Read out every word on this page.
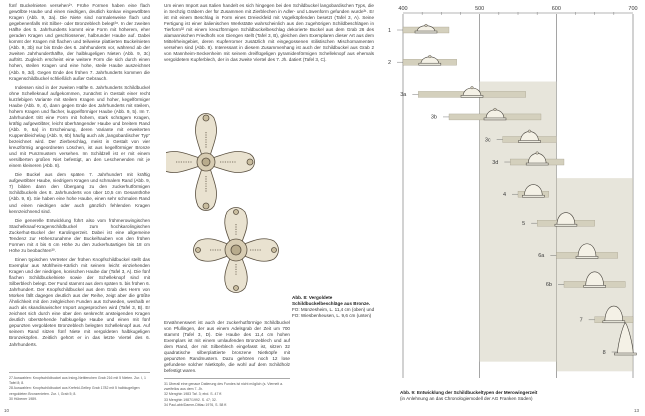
fünf Buckelnieten versehen²⁷. Frühe Formen haben eine flach gewölbte Haube und einen niedrigen, deutlich konkav eingewölbten Kragen (Abb. 9, 3a). Die Niete sind normalerweise flach und gegebenenfalls mit Silber- oder Bronzeblech belegt²⁸. In der zweiten Hälfte des 5. Jahrhunderts kommt eine Form mit höherem, eher geraden Kragen und geschlossener, halbrunder Haube auf. Dabei kommt der Kragen mit flachen und teilweise plattierten Buckelnieten (Abb. 9, 3b) nur bis Ende des 6. Jahrhunderts vor, während ab der zweiten Jahrhunderthälfte, der halbkugeligen Nieten (Abb. 9, 3c) auftritt. Zugleich erscheint eine weitere Form die sich durch einen hohen, steilen Kragen und eine hohe, steile Haube auszeichnet (Abb. 9, 3d). Gegen Ende des frühen 7. Jahrhunderts kommen die Kragenschildbuckel schließlich außer Gebrauch.

Indessen sind in der zweiten Hälfte 6. Jahrhunderts Schildbuckel ohne Schelleknauf aufgekommen, zunächst in Gestalt einer recht kurzlebigen Variante mit steilem Kragen und hoher, kegelförmiger Haube (Abb. 9, 4), dann gegen Ende des Jahrhunderts mit steilem, hohem Kragen und flacher, kuppelförmiger Haube (Abb. 9, 5). Im 7. Jahrhundert tritt eine Form mit hohem, stark schrägem Kragen, kräftig aufgewölbter, leicht überhängender Haube und breitem Rand (Abb. 9, 6a) in Erscheinung, deren Variante mit erweiterten Kuppenbleichelag (Abb. 9, 6b) häufig auch als „langobardischer Typ“ bezeichnet wird. Der Zierbeschlag, meist in Gestalt von vier kreuzförmig angeordneten Löschen, ist aus kegelförmiger Bronze und mit Punzmustern versehen. Im Schildzell ist er mit einem versilberten großen Niet befestigt, an den Leschenenden mit je einem kleineren (Abb. 8).

Die Buckel aus dem späten 7. Jahrhundert mit kräftig aufgewölbter Haube, niedrigem Kragen und schmalem Rand (Abb. 9, 7) bilden dann den Übergang zu den zuckerhutförmigen Schildbuckeln des 8. Jahrhunderts von über 10,5 cm Gesamthöhe (Abb. 9, 8). Sie haben eine hohe Haube, einen sehr schmalen Rand und einen niedrigen oder auch gänzlich fehlenden Kragen kennzeichnend sind.

Die generelle Entwicklung führt also vom frühmerowingischen Stachelknauf-Kragenschildbuckel zum hochkarolingischen Zuckerhut-Buckel der Karolingerzeit. Dabei ist eine allgemeine Tendenz zur Höhenzunahme der Buckelhauben von den frühen Formen mit 4 bis 6 cm Höhe zu den zuckerhutartigen bis 18 cm Höhe zu beobachten³⁰.

Einen typischen Vertreter der frühen Knopfschildbuckel stellt das Exemplar aus Mühlheim-Kärlich mit seinem leicht einziehenden Kragen und der niedrigen, konischen Haube dar (Tafel 3, A). Die fünf flachen Schildbuckelniete sowie der Schelleknopf sind mit Silberblech belegt. Der Fund stammt aus dem späten 5. bis frühen 6. Jahrhundert. Der Knopfschildbuckel aus dem Grab des Herrn von Morken fällt dagegen deutlich aus der Reihe, zeigt aber die größte Ähnlichkeit mit den zeitgleichen Funden aus Schweden, weshalb er auch als skandinavischer Import angesprochen wird (Tafel 3, B). Er zeichnet sich durch eine über den senkrecht ansteigenden Kragen deutlich überstehende halbkugelige Haube und einen mit fünf gepunzten vergoldeten Bronzeblech belegten Schelleknopf aus. Auf seinem Rand sitzen fünf Niete mit vergoldeten halbkugeligen Bronzeköpfen. Zeitlich gehört er in das letzte Viertel des 6. Jahrhunderts.

27 Auswahlen: Knopfschildbuckel aus Irsing-Nettlenchen Grab 216 mit 5 Nieten. Zur. I, 1 Tafel 8; 8.
28 Auswahlen: Knopfschildbuckel aus Krefeld-Gellep Grab 1782 mit 5 halbkugeligen vergoldeten Bronzenieten. Zur. I, Grab 5; 8.
30 Hübener 1989.
10

Um einen Import aus Italien handelt es sich hingegen bei den Schildbuckel langobardischen Typs, die in Sechzig Gräbern der für Zusammen mit Zierblechen in Adler- und Löwenform gefunden wurde³¹. Er ist mit einem Beschlag in Form eines Dreieckfeld mit Vogelköpfenden besetzt (Tafel 3, A). Seine Fertigung ist einer italienischen Werkstätte wahrscheinlich aus den zugehörigen Schildbeschlägen in Tierform³² mit einem kreuzförmigen Schildbuckelbeschlag dekorierte Buckel aus dem Grab 26 des alamannischen Friedhofs von Giengen stellt (Tafel 3, B), gleichen dem Exemplaren dieser Art aus dem Mittelrheingebiet, deren Kupferrorner zusätzlich mit eingegossenen stilistischen Mischornamenten versehen sind (Abb. 8). Interessant in diesem Zusammenhang ist auch der Schildbuckel aus Grab 2 von Mannheim-Seckenheim mit seinem dreiflügeligen pyramidenförmigen Schelleknopf aus ehemals vergoldetem Kupferblech, der in das zweite Viertel des 7. Jh. datiert (Tafel 3, C).

Abb. 8: Vergoldete Schildbuckelbeschläge aus Bronze.
FO: Münzesheim, L. 11,4 cm (oben) und
FO: Wiesbenheusen, L. 9,6 cm (unten)

Erwähnenswert ist auch der zuckerhutförmige Schildbuckel von Pfullingen, der aus einem Adelsgrab der Zeit um 700 stammt (Tafel 3, D). Die Haube des 11,4 cm hohen Exemplars ist mit einem umlaufenden Bronzeblech und auf dem Rand, der mit Silberblech eingefasst ist, sitzen 32 quadratische silberplattierte bronzene Nietköpfe mit gepunzten Randmustern. Dazu gehören noch 12 lose gefundene solcher Nietköpfe, die wohl auf dem Schildholz befestigt waren.

31 Überall eine genaue Datierung des Fundes ist nicht möglich (s. Vierneit a. zweifellos aus dem 7. Jh.
32 Menghin 1983 Taf. 3; ebd. S. 47 ff.
33 Menghin 1987/1992. S. 47; 32.
34 Paul-abb/Damm-Dittau 1976, S. 58 ff.
13
400	500	600	700
1
2
3a
3b
3c
3d
4
5
6a
6b
7
8
Abb. 9: Entwicklung der Schildbuckeltypen der Merowingerzeit
(in Anlehnung an das Chronologiemodell der AG Franken Süden)
